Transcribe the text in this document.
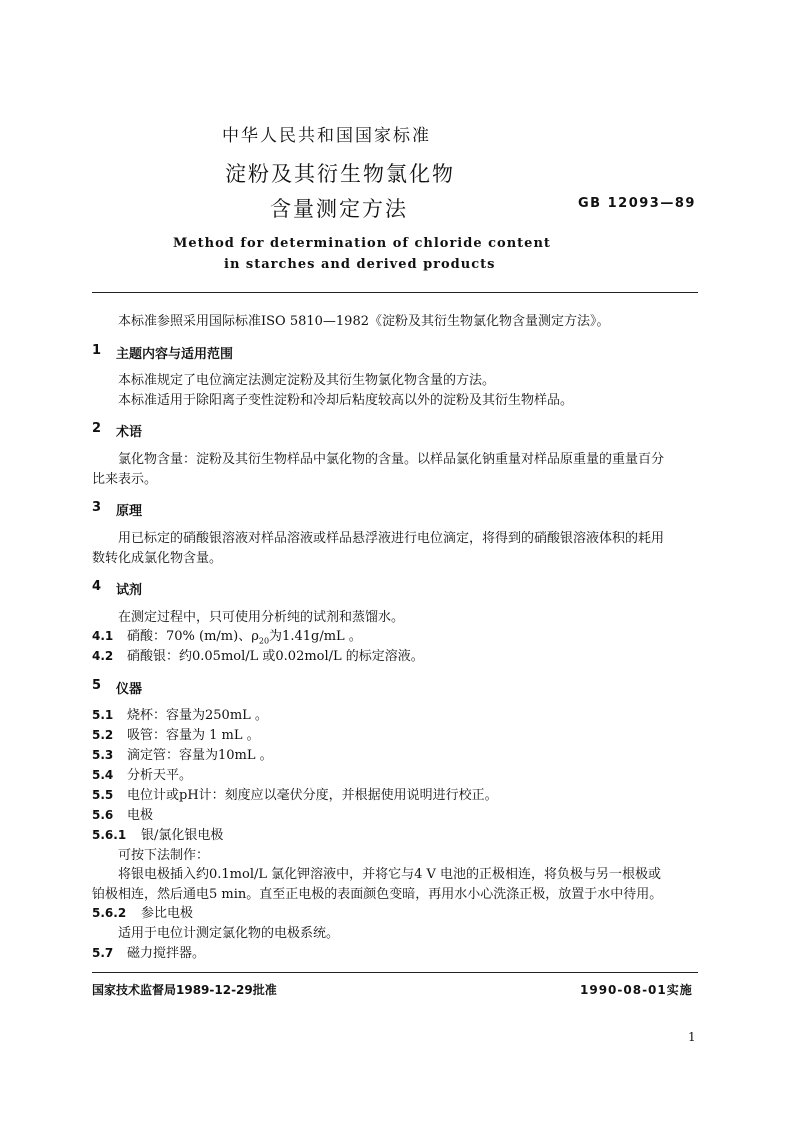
中华人民共和国国家标准
淀粉及其衍生物氯化物
含量测定方法	GB 12093—89
Method for determination of chloride content
in starches and derived products
本标准参照采用国际标准ISO 5810—1982《淀粉及其衍生物氯化物含量测定方法》。
1 主题内容与适用范围
本标准规定了电位滴定法测定淀粉及其衍生物氯化物含量的方法。
本标准适用于除阳离子变性淀粉和冷却后粘度较高以外的淀粉及其衍生物样品。
2 术语
氯化物含量：淀粉及其衍生物样品中氯化物的含量。以样品氯化钠重量对样品原重量的重量百分
比来表示。
3 原理
用已标定的硝酸银溶液对样品溶液或样品悬浮液进行电位滴定，将得到的硝酸银溶液体积的耗用
数转化成氯化物含量。
4 试剂
在测定过程中，只可使用分析纯的试剂和蒸馏水。
4.1 硝酸：70% (m/m)、$\rho_{20}$为1.41g/mL 。
4.2 硝酸银：约0.05mol/L 或0.02mol/L 的标定溶液。
5 仪器
5.1 烧杯：容量为250mL 。
5.2 吸管：容量为 1 mL 。
5.3 滴定管：容量为10mL 。
5.4 分析天平。
5.5 电位计或pH计：刻度应以毫伏分度，并根据使用说明进行校正。
5.6 电极
5.6.1 银/氯化银电极
可按下法制作：
将银电极插入约0.1mol/L 氯化钾溶液中，并将它与4 V 电池的正极相连，将负极与另一根极或
铂极相连，然后通电5 min。直至正电极的表面颜色变暗，再用水小心洗涤正极，放置于水中待用。
5.6.2 参比电极
适用于电位计测定氯化物的电极系统。
5.7 磁力搅拌器。
国家技术监督局1989-12-29批准	1990-08-01实施
1
